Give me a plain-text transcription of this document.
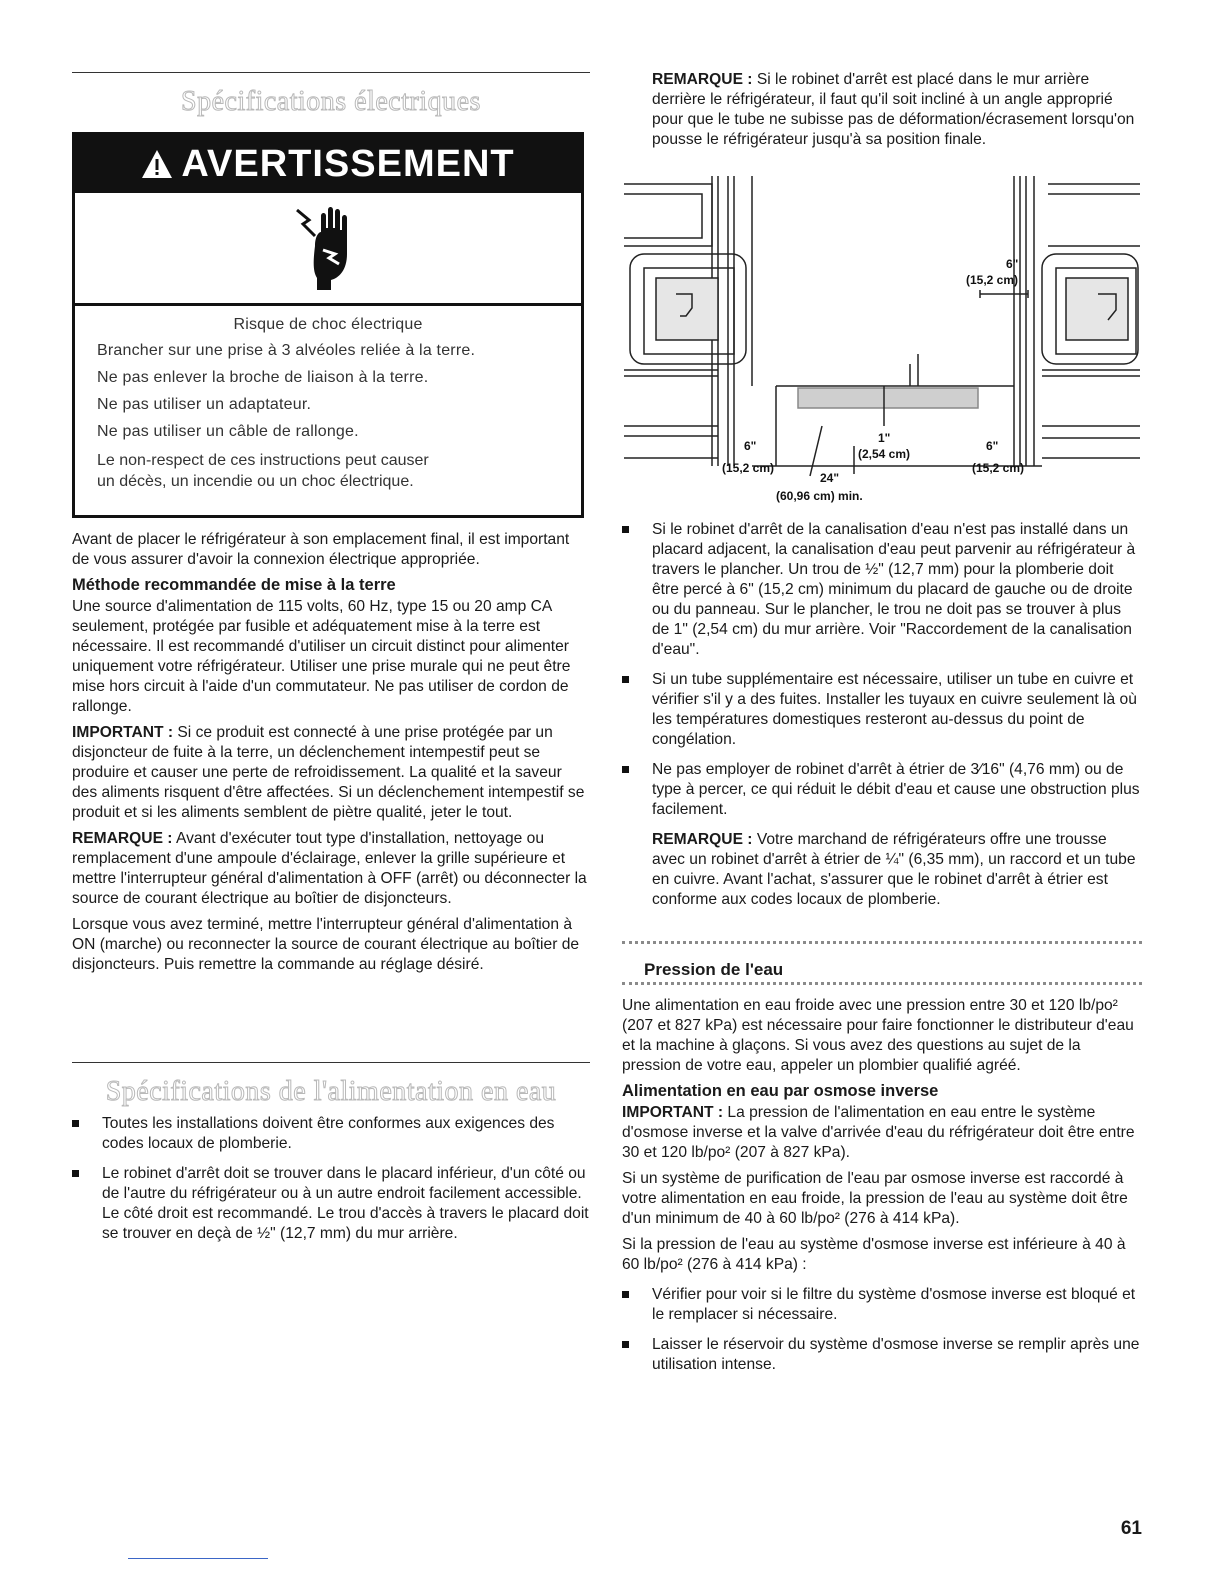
Spécifications électriques
AVERTISSEMENT
Risque de choc électrique
Brancher sur une prise à 3 alvéoles reliée à la terre.
Ne pas enlever la broche de liaison à la terre.
Ne pas utiliser un adaptateur.
Ne pas utiliser un câble de rallonge.
Le non-respect de ces instructions peut causer
un décès, un incendie ou un choc électrique.

Avant de placer le réfrigérateur à son emplacement final, il est important de vous assurer d'avoir la connexion électrique appropriée.

Méthode recommandée de mise à la terre

Une source d'alimentation de 115 volts, 60 Hz, type 15 ou 20 amp CA seulement, protégée par fusible et adéquatement mise à la terre est nécessaire. Il est recommandé d'utiliser un circuit distinct pour alimenter uniquement votre réfrigérateur. Utiliser une prise murale qui ne peut être mise hors circuit à l'aide d'un commutateur. Ne pas utiliser de cordon de rallonge.

IMPORTANT : Si ce produit est connecté à une prise protégée par un disjoncteur de fuite à la terre, un déclenchement intempestif peut se produire et causer une perte de refroidissement. La qualité et la saveur des aliments risquent d'être affectées. Si un déclenchement intempestif se produit et si les aliments semblent de piètre qualité, jeter le tout.

REMARQUE : Avant d'exécuter tout type d'installation, nettoyage ou remplacement d'une ampoule d'éclairage, enlever la grille supérieure et mettre l'interrupteur général d'alimentation à OFF (arrêt) ou déconnecter la source de courant électrique au boîtier de disjoncteurs.

Lorsque vous avez terminé, mettre l'interrupteur général d'alimentation à ON (marche) ou reconnecter la source de courant électrique au boîtier de disjoncteurs. Puis remettre la commande au réglage désiré.

Spécifications de l'alimentation en eau
Toutes les installations doivent être conformes aux exigences des codes locaux de plomberie.
Le robinet d'arrêt doit se trouver dans le placard inférieur, d'un côté ou de l'autre du réfrigérateur ou à un autre endroit facilement accessible. Le côté droit est recommandé. Le trou d'accès à travers le placard doit se trouver en deçà de ½" (12,7 mm) du mur arrière.

REMARQUE : Si le robinet d'arrêt est placé dans le mur arrière derrière le réfrigérateur, il faut qu'il soit incliné à un angle approprié pour que le tube ne subisse pas de déformation/écrasement lorsqu'on pousse le réfrigérateur jusqu'à sa position finale.

6"
(15,2 cm)
6"
(15,2 cm)
6"
(15,2 cm)
1"
(2,54 cm)
24"
(60,96 cm) min.
Si le robinet d'arrêt de la canalisation d'eau n'est pas installé dans un placard adjacent, la canalisation d'eau peut parvenir au réfrigérateur à travers le plancher. Un trou de ½" (12,7 mm) pour la plomberie doit être percé à 6" (15,2 cm) minimum du placard de gauche ou de droite ou du panneau. Sur le plancher, le trou ne doit pas se trouver à plus de 1" (2,54 cm) du mur arrière. Voir "Raccordement de la canalisation d'eau".
Si un tube supplémentaire est nécessaire, utiliser un tube en cuivre et vérifier s'il y a des fuites. Installer les tuyaux en cuivre seulement là où les températures domestiques resteront au-dessus du point de congélation.
Ne pas employer de robinet d'arrêt à étrier de 3⁄16" (4,76 mm) ou de type à percer, ce qui réduit le débit d'eau et cause une obstruction plus facilement.

REMARQUE : Votre marchand de réfrigérateurs offre une trousse avec un robinet d'arrêt à étrier de ¼" (6,35 mm), un raccord et un tube en cuivre. Avant l'achat, s'assurer que le robinet d'arrêt à étrier est conforme aux codes locaux de plomberie.

Pression de l'eau

Une alimentation en eau froide avec une pression entre 30 et 120 lb/po² (207 et 827 kPa) est nécessaire pour faire fonctionner le distributeur d'eau et la machine à glaçons. Si vous avez des questions au sujet de la pression de votre eau, appeler un plombier qualifié agréé.

Alimentation en eau par osmose inverse

IMPORTANT : La pression de l'alimentation en eau entre le système d'osmose inverse et la valve d'arrivée d'eau du réfrigérateur doit être entre 30 et 120 lb/po² (207 à 827 kPa).

Si un système de purification de l'eau par osmose inverse est raccordé à votre alimentation en eau froide, la pression de l'eau au système doit être d'un minimum de 40 à 60 lb/po² (276 à 414 kPa).

Si la pression de l'eau au système d'osmose inverse est inférieure à 40 à 60 lb/po² (276 à 414 kPa) :

Vérifier pour voir si le filtre du système d'osmose inverse est bloqué et le remplacer si nécessaire.
Laisser le réservoir du système d'osmose inverse se remplir après une utilisation intense.
61
